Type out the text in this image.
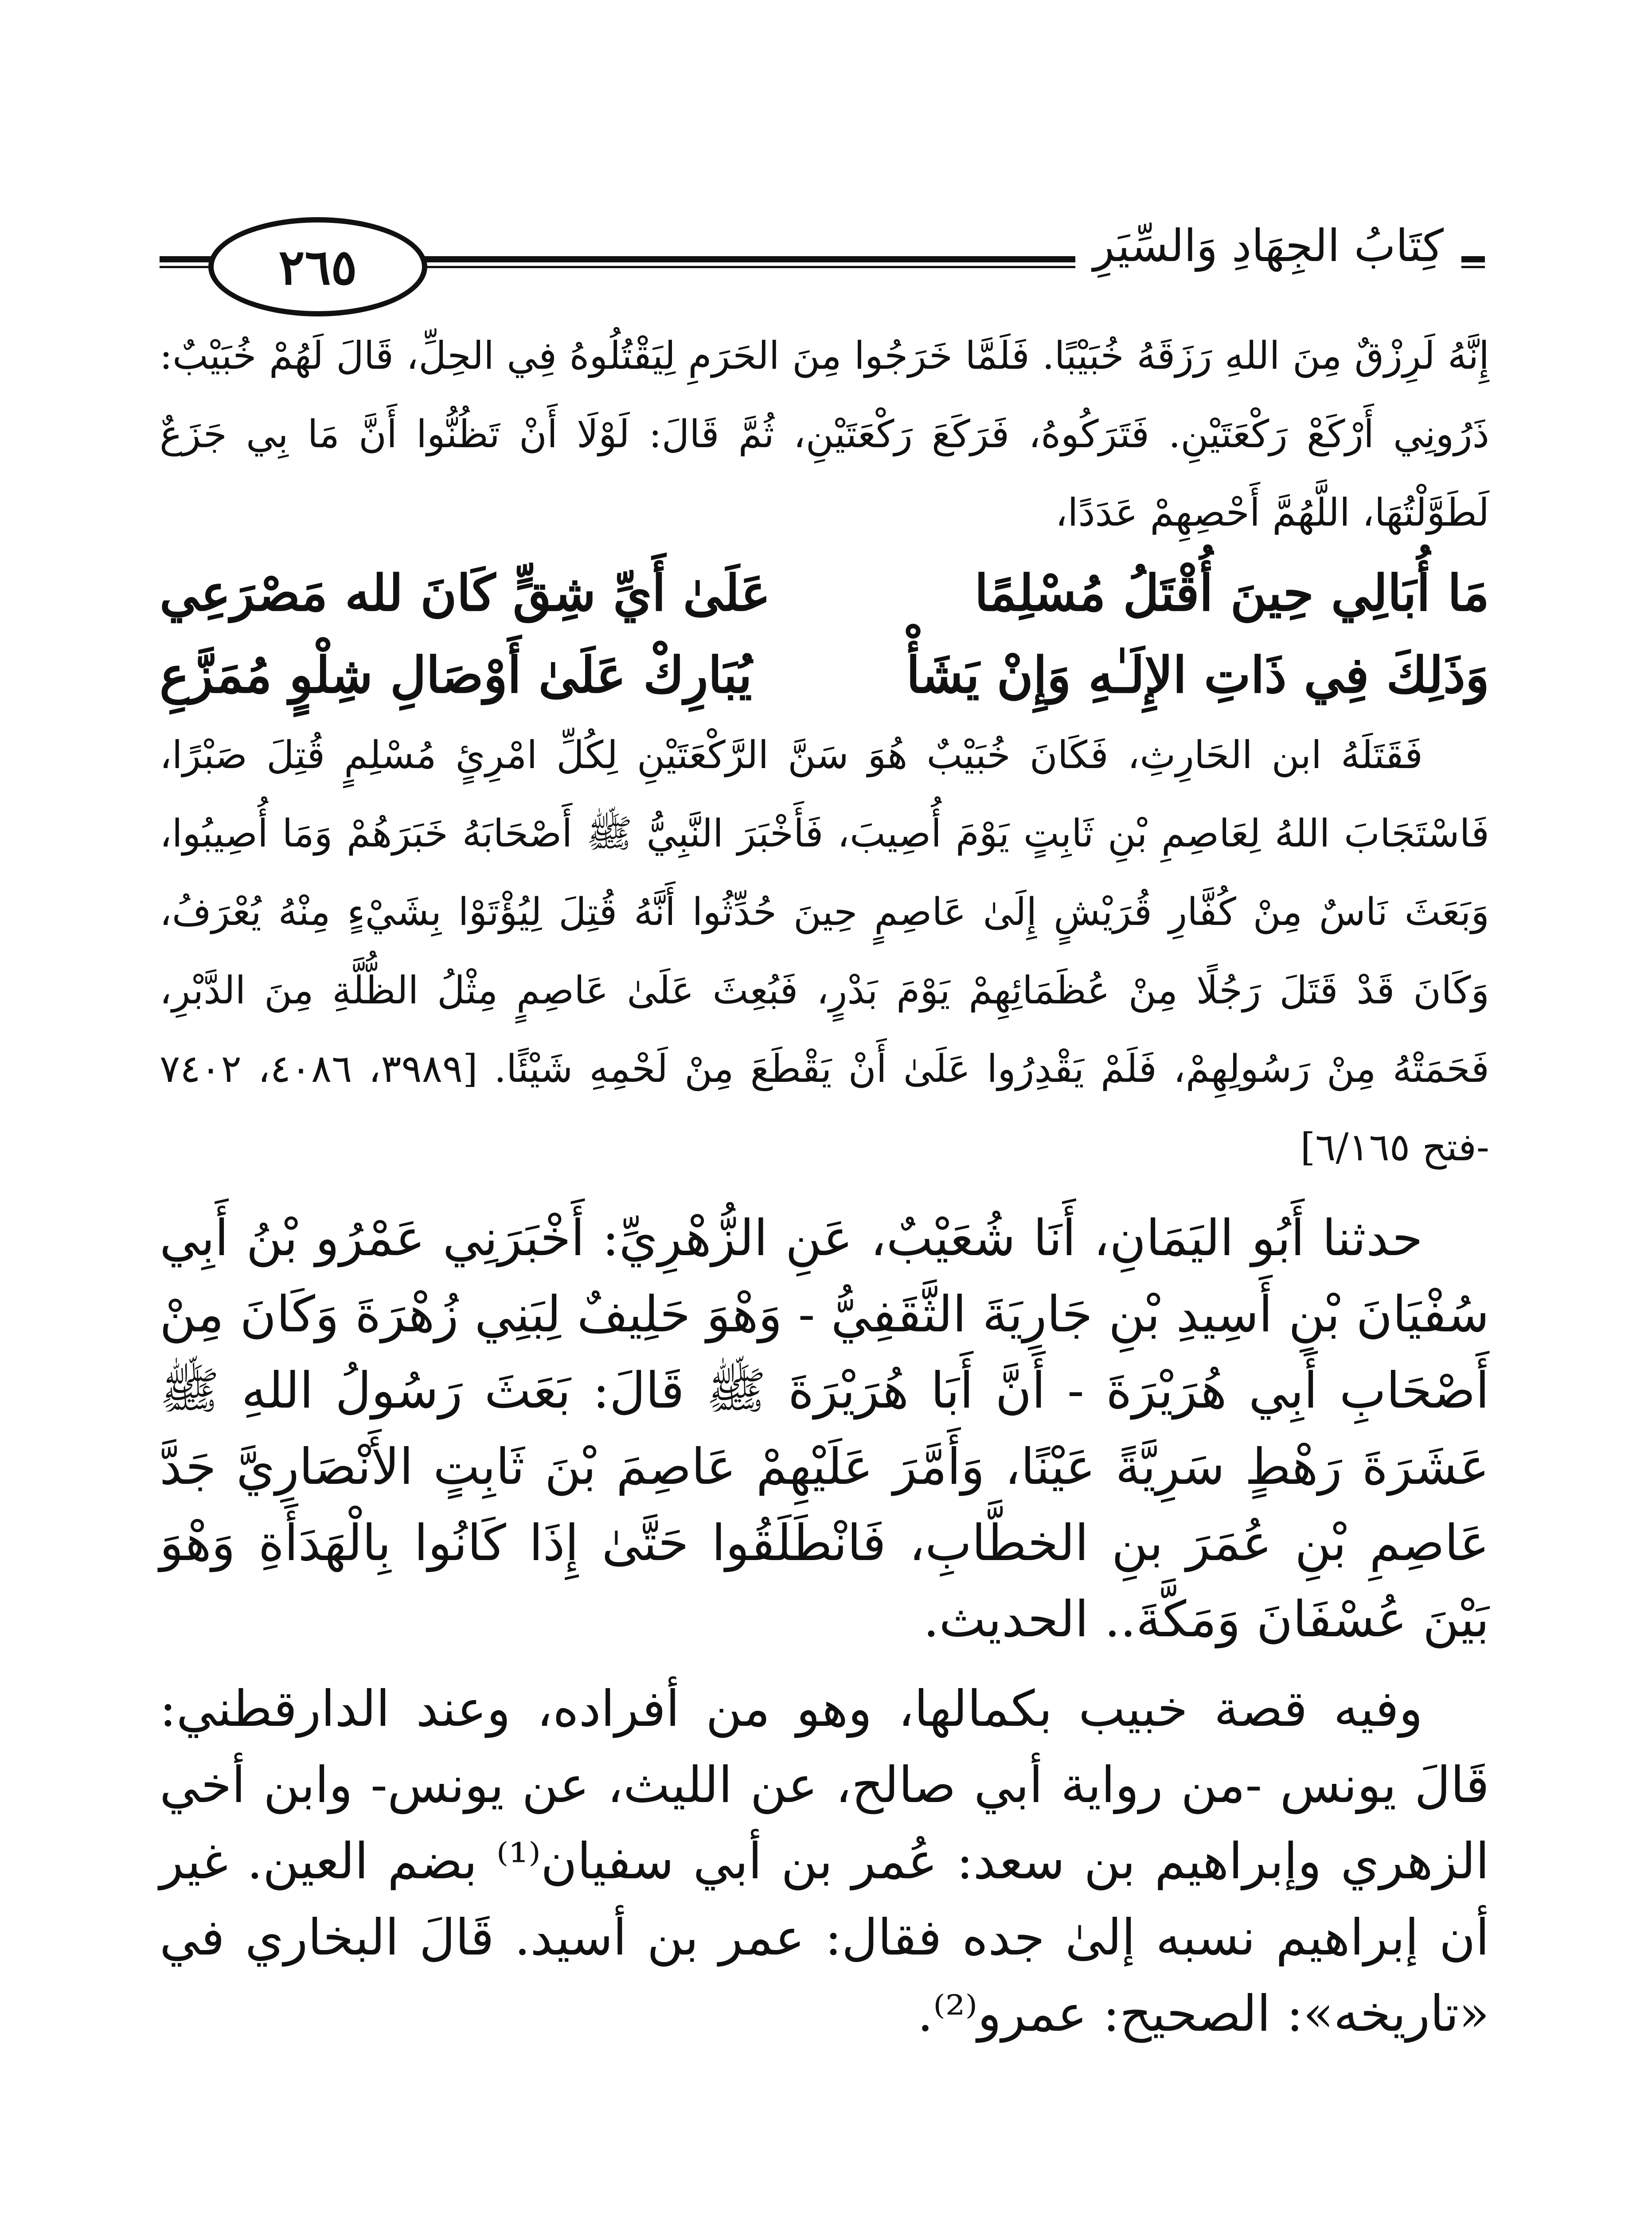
كِتَابُ الجِهَادِ وَالسِّيَرِ
٢٦٥

إِنَّهُ لَرِزْقٌ مِنَ اللهِ رَزَقَهُ خُبَيْبًا. فَلَمَّا خَرَجُوا مِنَ الحَرَمِ لِيَقْتُلُوهُ فِي الحِلِّ، قَالَ لَهُمْ خُبَيْبٌ: ذَرُونِي أَرْكَعْ رَكْعَتَيْنِ. فَتَرَكُوهُ، فَرَكَعَ رَكْعَتَيْنِ، ثُمَّ قَالَ: لَوْلَا أَنْ تَظُنُّوا أَنَّ مَا بِي جَزَعٌ لَطَوَّلْتُهَا، اللَّهُمَّ أَحْصِهِمْ عَدَدًا،

مَا أُبَالِي حِينَ أُقْتَلُ مُسْلِمًا
عَلَىٰ أَيِّ شِقٍّ كَانَ لله مَصْرَعِي
وَذَلِكَ فِي ذَاتِ الإِلَـٰهِ وَإِنْ يَشَأْ
يُبَارِكْ عَلَىٰ أَوْصَالِ شِلْوٍ مُمَزَّعِ

فَقَتَلَهُ ابن الحَارِثِ، فَكَانَ خُبَيْبٌ هُوَ سَنَّ الرَّكْعَتَيْنِ لِكُلِّ امْرِئٍ مُسْلِمٍ قُتِلَ صَبْرًا، فَاسْتَجَابَ اللهُ لِعَاصِمِ بْنِ ثَابِتٍ يَوْمَ أُصِيبَ، فَأَخْبَرَ النَّبِيُّ ﷺ أَصْحَابَهُ خَبَرَهُمْ وَمَا أُصِيبُوا، وَبَعَثَ نَاسٌ مِنْ كُفَّارِ قُرَيْشٍ إِلَىٰ عَاصِمٍ حِينَ حُدِّثُوا أَنَّهُ قُتِلَ لِيُؤْتَوْا بِشَيْءٍ مِنْهُ يُعْرَفُ، وَكَانَ قَدْ قَتَلَ رَجُلًا مِنْ عُظَمَائِهِمْ يَوْمَ بَدْرٍ، فَبُعِثَ عَلَىٰ عَاصِمٍ مِثْلُ الظُّلَّةِ مِنَ الدَّبْرِ، فَحَمَتْهُ مِنْ رَسُولِهِمْ، فَلَمْ يَقْدِرُوا عَلَىٰ أَنْ يَقْطَعَ مِنْ لَحْمِهِ شَيْئًا. [٣٩٨٩، ٤٠٨٦، ٧٤٠٢ -فتح ٦/١٦٥]

حدثنا أَبُو اليَمَانِ، أَنَا شُعَيْبٌ، عَنِ الزُّهْرِيِّ: أَخْبَرَنِي عَمْرُو بْنُ أَبِي سُفْيَانَ بْنِ أَسِيدِ بْنِ جَارِيَةَ الثَّقَفِيُّ - وَهْوَ حَلِيفٌ لِبَنِي زُهْرَةَ وَكَانَ مِنْ أَصْحَابِ أَبِي هُرَيْرَةَ - أَنَّ أَبَا هُرَيْرَةَ ﷺ قَالَ: بَعَثَ رَسُولُ اللهِ ﷺ عَشَرَةَ رَهْطٍ سَرِيَّةً عَيْنًا، وَأَمَّرَ عَلَيْهِمْ عَاصِمَ بْنَ ثَابِتٍ الأَنْصَارِيَّ جَدَّ عَاصِمِ بْنِ عُمَرَ بنِ الخطَّابِ، فَانْطَلَقُوا حَتَّىٰ إِذَا كَانُوا بِالْهَدَأَةِ وَهْوَ بَيْنَ عُسْفَانَ وَمَكَّةَ.. الحديث.

وفيه قصة خبيب بكمالها، وهو من أفراده، وعند الدارقطني: قَالَ يونس -من رواية أبي صالح، عن الليث، عن يونس- وابن أخي الزهري وإبراهيم بن سعد: عُمر بن أبي سفيان⁽¹⁾ بضم العين. غير أن إبراهيم نسبه إلىٰ جده فقال: عمر بن أسيد. قَالَ البخاري في «تاريخه»: الصحيح: عمرو⁽²⁾.
